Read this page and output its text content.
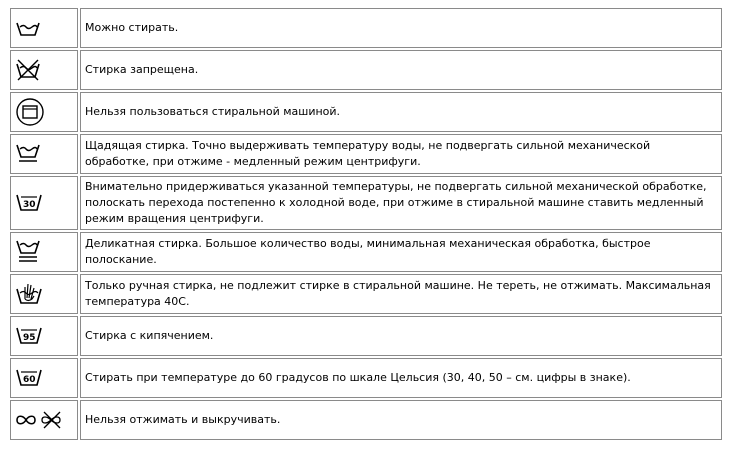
	Можно стирать.

	Стирка запрещена.

	Нельзя пользоваться стиральной машиной.

	Щадящая стирка. Точно выдерживать температуру воды, не подвергать сильной механической обработке, при отжиме - медленный режим центрифуги.

30	Внимательно придерживаться указанной температуры, не подвергать сильной механической обработке, полоскать перехода постепенно к холодной воде, при отжиме в стиральной машине ставить медленный режим вращения центрифуги.

	Деликатная стирка. Большое количество воды, минимальная механическая обработка, быстрое полоскание.

	Только ручная стирка, не подлежит стирке в стиральной машине. Не тереть, не отжимать. Максимальная температура 40С.

95	Стирка с кипячением.

60	Стирать при температуре до 60 градусов по шкале Цельсия (30, 40, 50 – см. цифры в знаке).

	Нельзя отжимать и выкручивать.
